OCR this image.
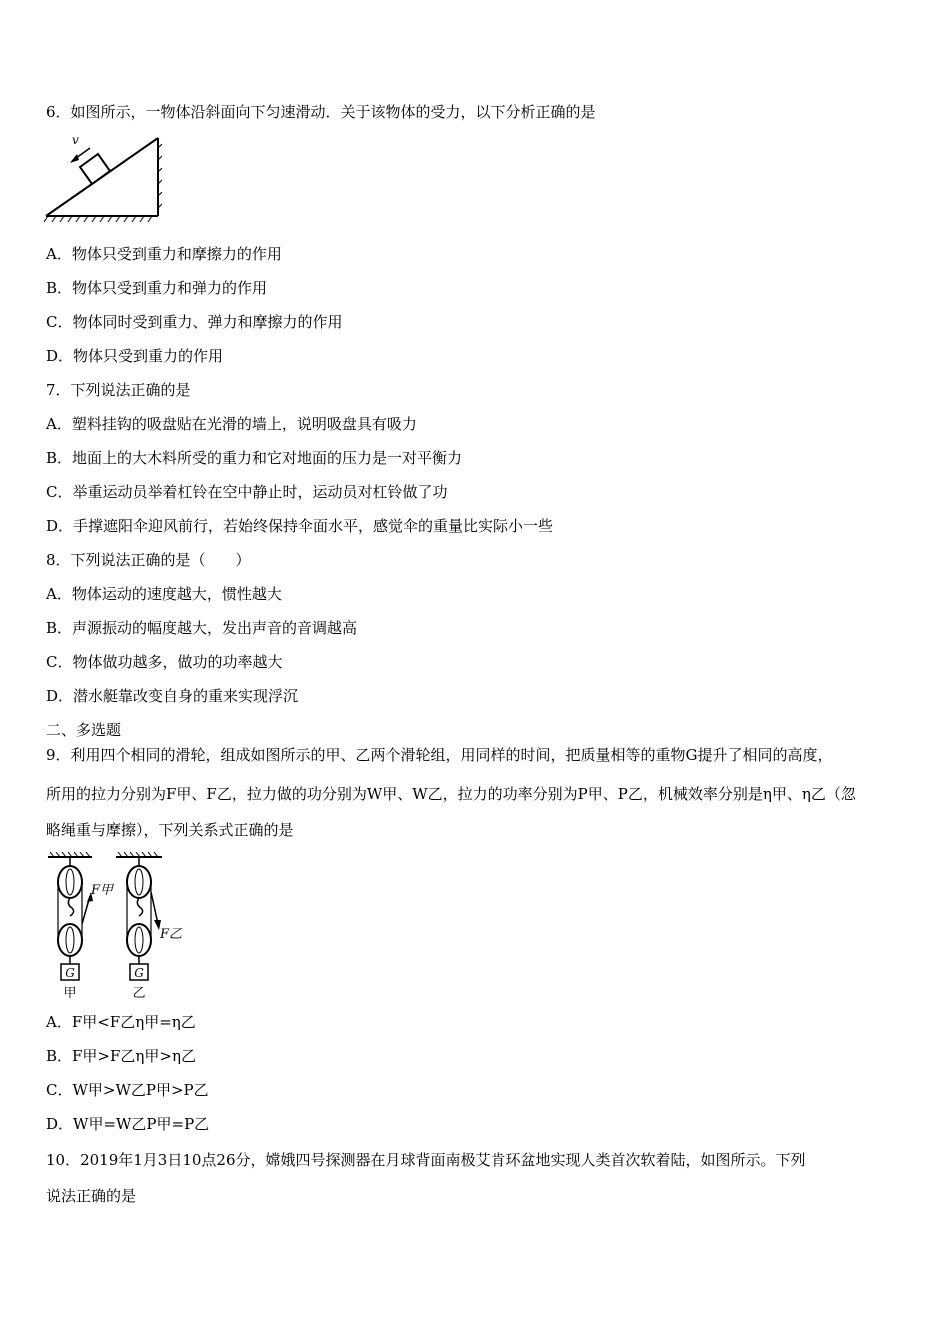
6．如图所示，一物体沿斜面向下匀速滑动．关于该物体的受力，以下分析正确的是
v
A．物体只受到重力和摩擦力的作用
B．物体只受到重力和弹力的作用
C．物体同时受到重力、弹力和摩擦力的作用
D．物体只受到重力的作用
7．下列说法正确的是
A．塑料挂钩的吸盘贴在光滑的墙上，说明吸盘具有吸力
B．地面上的大木料所受的重力和它对地面的压力是一对平衡力
C．举重运动员举着杠铃在空中静止时，运动员对杠铃做了功
D．手撑遮阳伞迎风前行，若始终保持伞面水平，感觉伞的重量比实际小一些
8．下列说法正确的是（　　）
A．物体运动的速度越大，惯性越大
B．声源振动的幅度越大，发出声音的音调越高
C．物体做功越多，做功的功率越大
D．潜水艇靠改变自身的重来实现浮沉
二、多选题
9．利用四个相同的滑轮，组成如图所示的甲、乙两个滑轮组，用同样的时间，把质量相等的重物G提升了相同的高度，
所用的拉力分别为F甲、F乙，拉力做的功分别为W甲、W乙，拉力的功率分别为P甲、P乙，机械效率分别是η甲、η乙（忽
略绳重与摩擦），下列关系式正确的是
F甲
G
甲
F乙
G
乙
A．F甲<F乙η甲=η乙
B．F甲>F乙η甲>η乙
C．W甲>W乙P甲>P乙
D．W甲=W乙P甲=P乙
10．2019年1月3日10点26分，嫦娥四号探测器在月球背面南极艾肯环盆地实现人类首次软着陆，如图所示。下列
说法正确的是
